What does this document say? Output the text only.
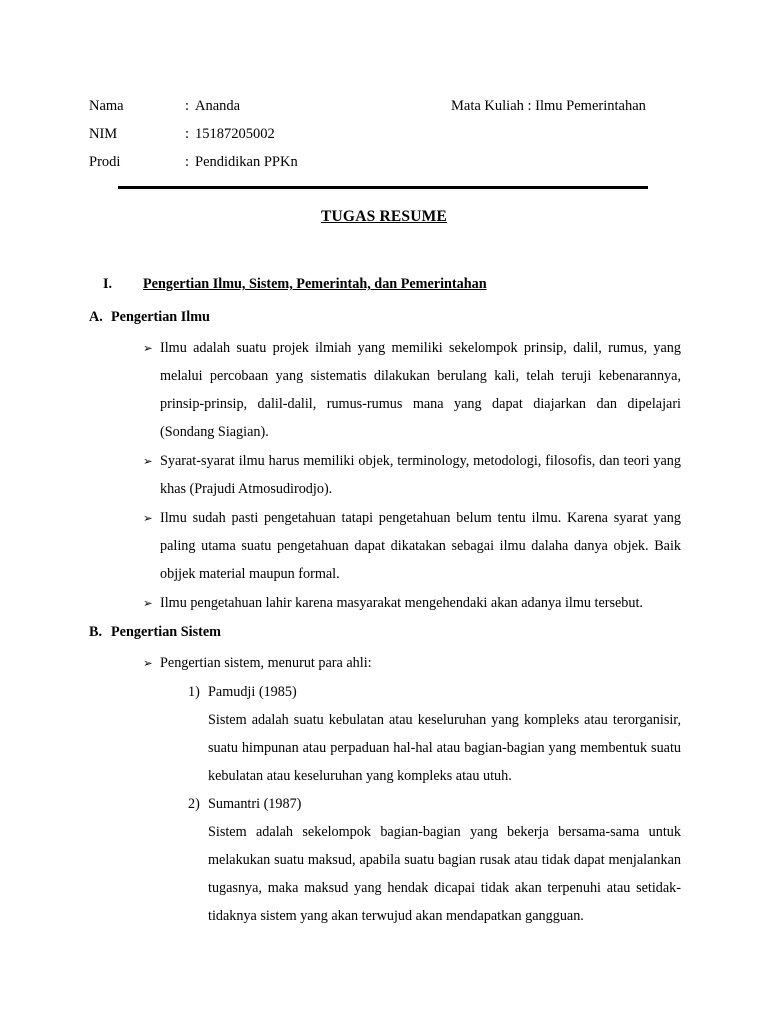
Nama	: Ananda
NIM	: 15187205002
Prodi	: Pendidikan PPKn
Mata Kuliah : Ilmu Pemerintahan
TUGAS RESUME
I.	Pengertian Ilmu, Sistem, Pemerintah, dan Pemerintahan
A. Pengertian Ilmu
➢ Ilmu adalah suatu projek ilmiah yang memiliki sekelompok prinsip, dalil, rumus, yang melalui percobaan yang sistematis dilakukan berulang kali, telah teruji kebenarannya, prinsip-prinsip, dalil-dalil, rumus-rumus mana yang dapat diajarkan dan dipelajari (Sondang Siagian).
➢ Syarat-syarat ilmu harus memiliki objek, terminology, metodologi, filosofis, dan teori yang khas (Prajudi Atmosudirodjo).
➢ Ilmu sudah pasti pengetahuan tatapi pengetahuan belum tentu ilmu. Karena syarat yang paling utama suatu pengetahuan dapat dikatakan sebagai ilmu dalaha danya objek. Baik objjek material maupun formal.
➢ Ilmu pengetahuan lahir karena masyarakat mengehendaki akan adanya ilmu tersebut.
B. Pengertian Sistem
➢ Pengertian sistem, menurut para ahli:
1) Pamudji (1985)
Sistem adalah suatu kebulatan atau keseluruhan yang kompleks atau terorganisir, suatu himpunan atau perpaduan hal-hal atau bagian-bagian yang membentuk suatu kebulatan atau keseluruhan yang kompleks atau utuh.
2) Sumantri (1987)
Sistem adalah sekelompok bagian-bagian yang bekerja bersama-sama untuk melakukan suatu maksud, apabila suatu bagian rusak atau tidak dapat menjalankan tugasnya, maka maksud yang hendak dicapai tidak akan terpenuhi atau setidak-tidaknya sistem yang akan terwujud akan mendapatkan gangguan.
